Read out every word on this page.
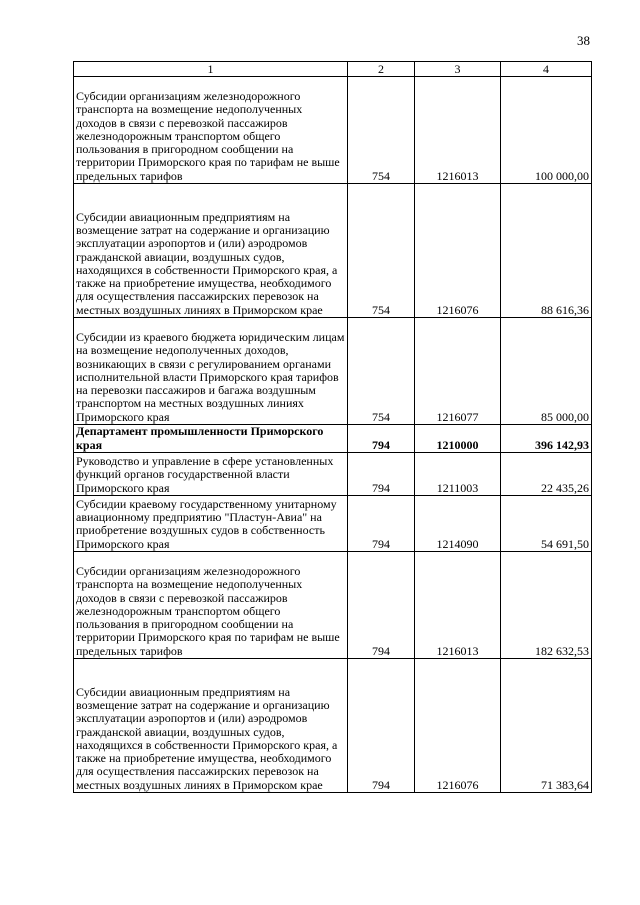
38
1	2	3	4
Субсидии организациям железнодорожного транспорта на возмещение недополученных доходов в связи с перевозкой пассажиров железнодорожным транспортом общего пользования в пригородном сообщении на территории Приморского края по тарифам не выше предельных тарифов	754	1216013	100 000,00
Субсидии авиационным предприятиям на возмещение затрат на содержание и организацию эксплуатации аэропортов и (или) аэродромов гражданской авиации, воздушных судов, находящихся в собственности Приморского края, а также на приобретение имущества, необходимого для осуществления пассажирских перевозок на местных воздушных линиях в Приморском крае	754	1216076	88 616,36
Субсидии из краевого бюджета юридическим лицам на возмещение недополученных доходов, возникающих в связи с регулированием органами исполнительной власти Приморского края тарифов на перевозки пассажиров и багажа воздушным транспортом на местных воздушных линиях Приморского края	754	1216077	85 000,00
Департамент промышленности Приморского края	794	1210000	396 142,93
Руководство и управление в сфере установленных функций органов государственной власти Приморского края	794	1211003	22 435,26
Субсидии краевому государственному унитарному авиационному предприятию "Пластун-Авиа" на приобретение воздушных судов в собственность Приморского края	794	1214090	54 691,50
Субсидии организациям железнодорожного транспорта на возмещение недополученных доходов в связи с перевозкой пассажиров железнодорожным транспортом общего пользования в пригородном сообщении на территории Приморского края по тарифам не выше предельных тарифов	794	1216013	182 632,53
Субсидии авиационным предприятиям на возмещение затрат на содержание и организацию эксплуатации аэропортов и (или) аэродромов гражданской авиации, воздушных судов, находящихся в собственности Приморского края, а также на приобретение имущества, необходимого для осуществления пассажирских перевозок на местных воздушных линиях в Приморском крае	794	1216076	71 383,64
